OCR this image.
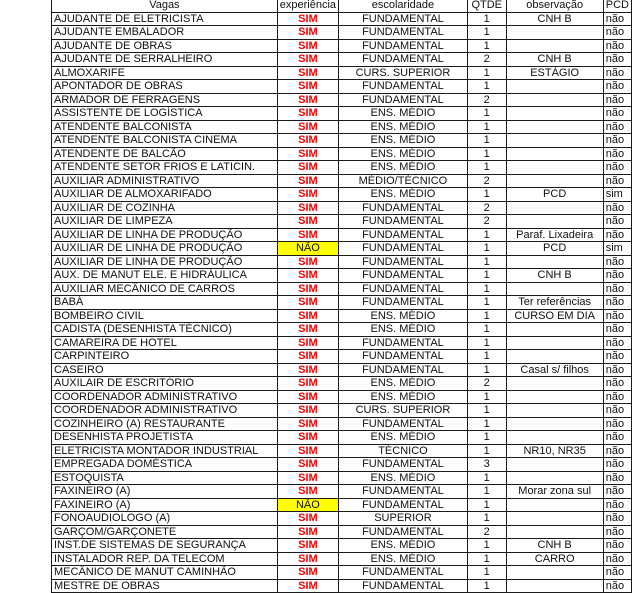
Vagas	experiência	escolaridade	QTDE	observação	PCD
AJUDANTE DE ELETRICISTA	SIM	FUNDAMENTAL	1	CNH B	não
AJUDANTE EMBALADOR	SIM	FUNDAMENTAL	1		não
AJUDANTE DE OBRAS	SIM	FUNDAMENTAL	1		não
AJUDANTE DE SERRALHEIRO	SIM	FUNDAMENTAL	2	CNH B	não
ALMOXARIFE	SIM	CURS. SUPERIOR	1	ESTÁGIO	não
APONTADOR DE OBRAS	SIM	FUNDAMENTAL	1		não
ARMADOR DE FERRAGENS	SIM	FUNDAMENTAL	2		não
ASSISTENTE DE LOGÍSTICA	SIM	ENS. MÉDIO	1		não
ATENDENTE BALCONISTA	SIM	ENS. MÉDIO	1		não
ATENDENTE BALCONISTA CINEMA	SIM	ENS. MÉDIO	1		não
ATENDENTE DE BALCÃO	SIM	ENS. MÉDIO	1		não
ATENDENTE SETOR FRIOS E LATICIN.	SIM	ENS. MÉDIO	1		não
AUXILIAR ADMINISTRATIVO	SIM	MÉDIO/TÉCNICO	2		não
AUXILIAR DE ALMOXARIFADO	SIM	ENS. MÉDIO	1	PCD	sim
AUXILIAR DE COZINHA	SIM	FUNDAMENTAL	2		não
AUXILIAR DE LIMPEZA	SIM	FUNDAMENTAL	2		não
AUXILIAR DE LINHA DE PRODUÇÃO	SIM	FUNDAMENTAL	1	Paraf. Lixadeira	não
AUXILIAR DE LINHA DE PRODUÇÃO	NÃO	FUNDAMENTAL	1	PCD	sim
AUXILIAR DE LINHA DE PRODUÇÃO	SIM	FUNDAMENTAL	1		não
AUX. DE MANUT ELE. E HIDRÁULICA	SIM	FUNDAMENTAL	1	CNH B	não
AUXILIAR MECÂNICO DE CARROS	SIM	FUNDAMENTAL	1		não
BABÁ	SIM	FUNDAMENTAL	1	Ter referências	não
BOMBEIRO CIVIL	SIM	ENS. MÉDIO	1	CURSO EM DIA	não
CADISTA (DESENHISTA TÉCNICO)	SIM	ENS. MÉDIO	1		não
CAMAREIRA DE HOTEL	SIM	FUNDAMENTAL	1		não
CARPINTEIRO	SIM	FUNDAMENTAL	1		não
CASEIRO	SIM	FUNDAMENTAL	1	Casal s/ filhos	não
AUXILAIR DE ESCRITÓRIO	SIM	ENS. MÉDIO	2		não
COORDENADOR ADMINISTRATIVO	SIM	ENS. MÉDIO	1		não
COORDENADOR ADMINISTRATIVO	SIM	CURS. SUPERIOR	1		não
COZINHEIRO (A) RESTAURANTE	SIM	FUNDAMENTAL	1		não
DESENHISTA PROJETISTA	SIM	ENS. MÉDIO	1		não
ELETRICISTA MONTADOR INDUSTRIAL	SIM	TÉCNICO	1	NR10, NR35	não
EMPREGADA DOMÉSTICA	SIM	FUNDAMENTAL	3		não
ESTOQUISTA	SIM	ENS. MÉDIO	1		não
FAXINEIRO (A)	SIM	FUNDAMENTAL	1	Morar zona sul	não
FAXINEIRO (A)	NÃO	FUNDAMENTAL	1		não
FONOAUDIOLOGO (A)	SIM	SUPERIOR	1		não
GARÇOM/GARÇONETE	SIM	FUNDAMENTAL	2		não
INST.DE SISTEMAS DE SEGURANÇA	SIM	ENS. MÉDIO	1	CNH B	não
INSTALADOR REP. DA TELECOM	SIM	ENS. MÉDIO	1	CARRO	não
MECÂNICO DE MANUT CAMINHÃO	SIM	FUNDAMENTAL	1		não
MESTRE DE OBRAS	SIM	FUNDAMENTAL	1		não
